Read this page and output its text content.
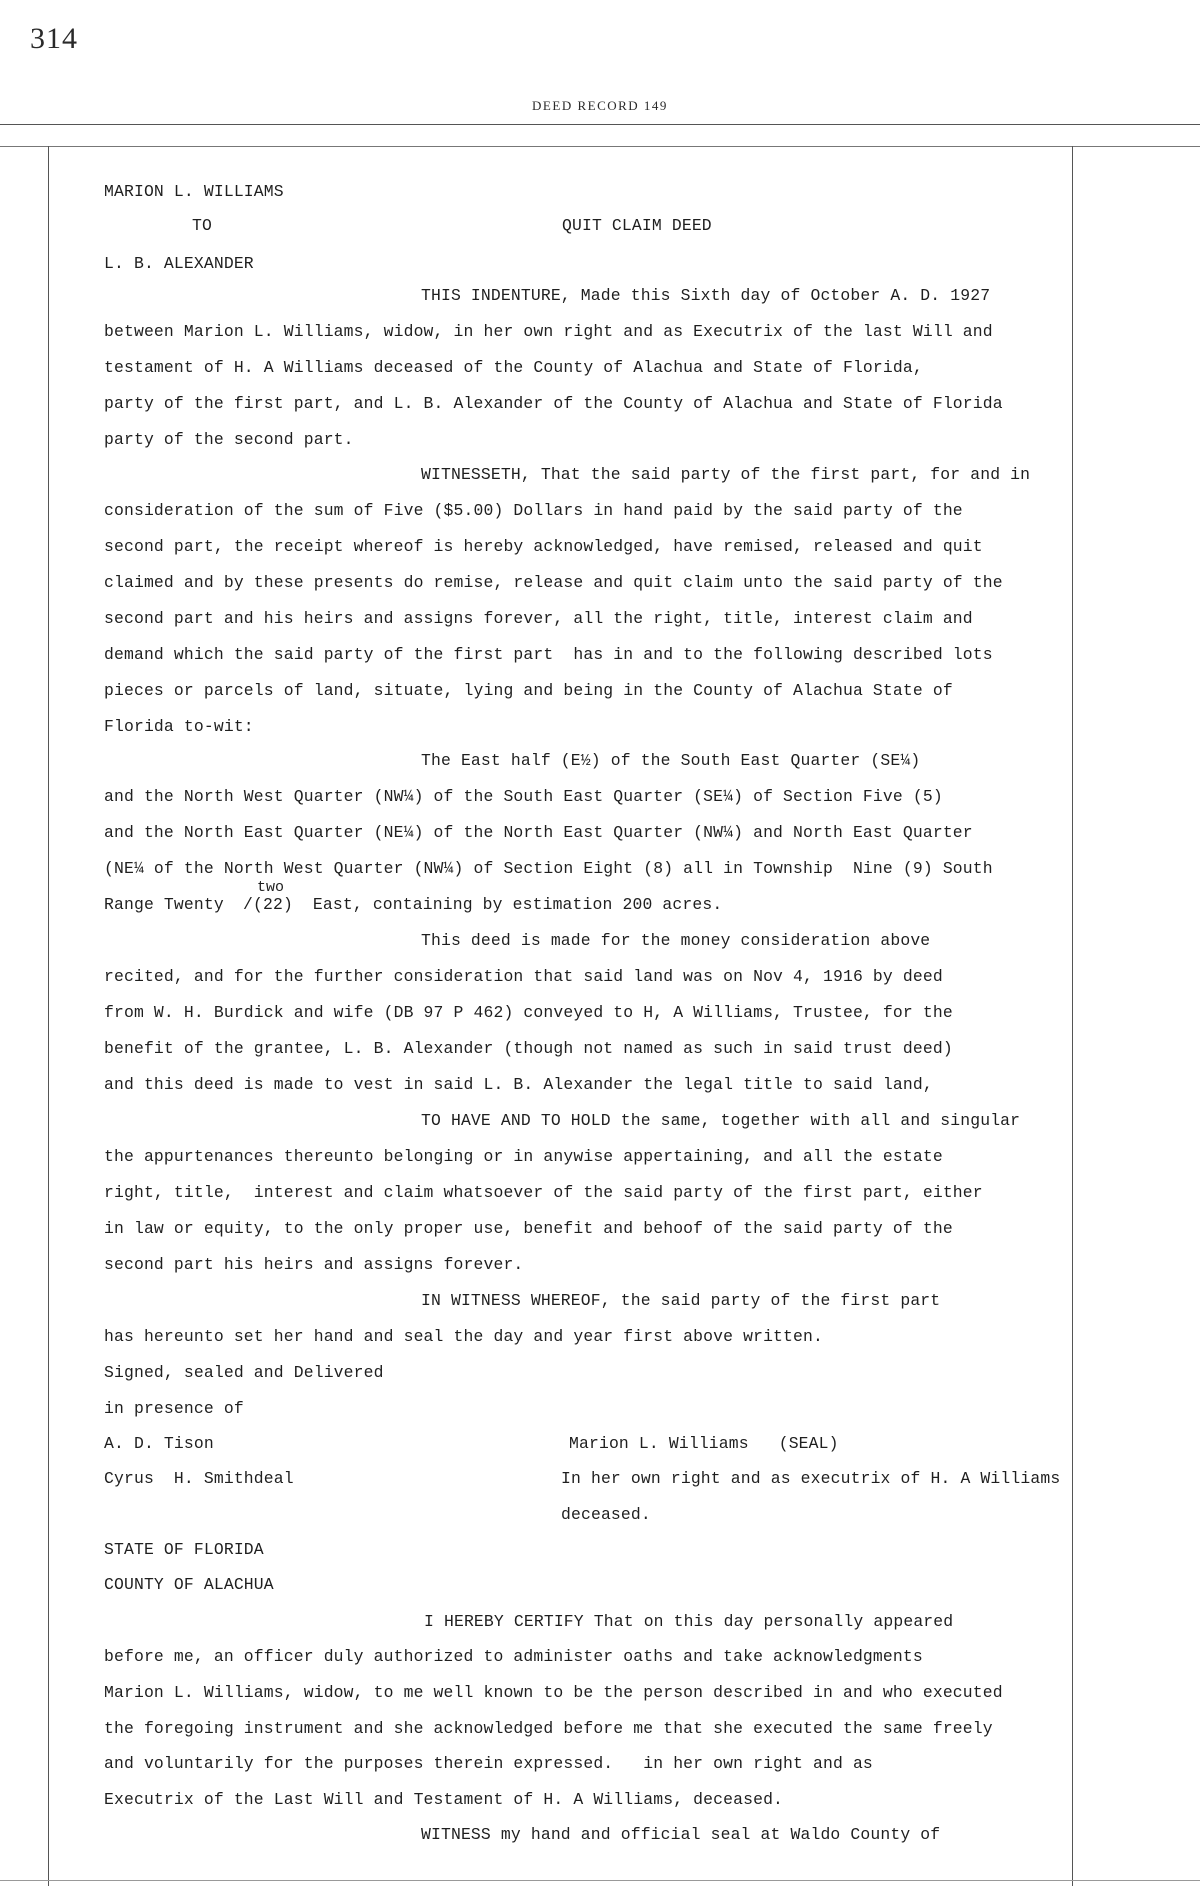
314
DEED RECORD 149
MARION L. WILLIAMS
TO	QUIT CLAIM DEED
L. B. ALEXANDER
THIS INDENTURE, Made this Sixth day of October A. D. 1927
between Marion L. Williams, widow, in her own right and as Executrix of the last Will and
testament of H. A Williams deceased of the County of Alachua and State of Florida,
party of the first part, and L. B. Alexander of the County of Alachua and State of Florida
party of the second part.
WITNESSETH, That the said party of the first part, for and in
consideration of the sum of Five ($5.00) Dollars in hand paid by the said party of the
second part, the receipt whereof is hereby acknowledged, have remised, released and quit
claimed and by these presents do remise, release and quit claim unto the said party of the
second part and his heirs and assigns forever, all the right, title, interest claim and
demand which the said party of the first part  has in and to the following described lots
pieces or parcels of land, situate, lying and being in the County of Alachua State of
Florida to-wit:
The East half (E½) of the South East Quarter (SE¼)
and the North West Quarter (NW¼) of the South East Quarter (SE¼) of Section Five (5)
and the North East Quarter (NE¼) of the North East Quarter (NW¼) and North East Quarter
(NE¼ of the North West Quarter (NW¼) of Section Eight (8) all in Township  Nine (9) South
two
Range Twenty /(22)  East, containing by estimation 200 acres.
This deed is made for the money consideration above
recited, and for the further consideration that said land was on Nov 4, 1916 by deed
from W. H. Burdick and wife (DB 97 P 462) conveyed to H, A Williams, Trustee, for the
benefit of the grantee, L. B. Alexander (though not named as such in said trust deed)
and this deed is made to vest in said L. B. Alexander the legal title to said land,
TO HAVE AND TO HOLD the same, together with all and singular
the appurtenances thereunto belonging or in anywise appertaining, and all the estate
right, title,  interest and claim whatsoever of the said party of the first part, either
in law or equity, to the only proper use, benefit and behoof of the said party of the
second part his heirs and assigns forever.
IN WITNESS WHEREOF, the said party of the first part
has hereunto set her hand and seal the day and year first above written.
Signed, sealed and Delivered
in presence of
A. D. Tison	Marion L. Williams   (SEAL)
Cyrus  H. Smithdeal	In her own right and as executrix of H. A Williams
deceased.
STATE OF FLORIDA
COUNTY OF ALACHUA
I HEREBY CERTIFY That on this day personally appeared
before me, an officer duly authorized to administer oaths and take acknowledgments
Marion L. Williams, widow, to me well known to be the person described in and who executed
the foregoing instrument and she acknowledged before me that she executed the same freely
and voluntarily for the purposes therein expressed.   in her own right and as
Executrix of the Last Will and Testament of H. A Williams, deceased.
WITNESS my hand and official seal at Waldo County of
